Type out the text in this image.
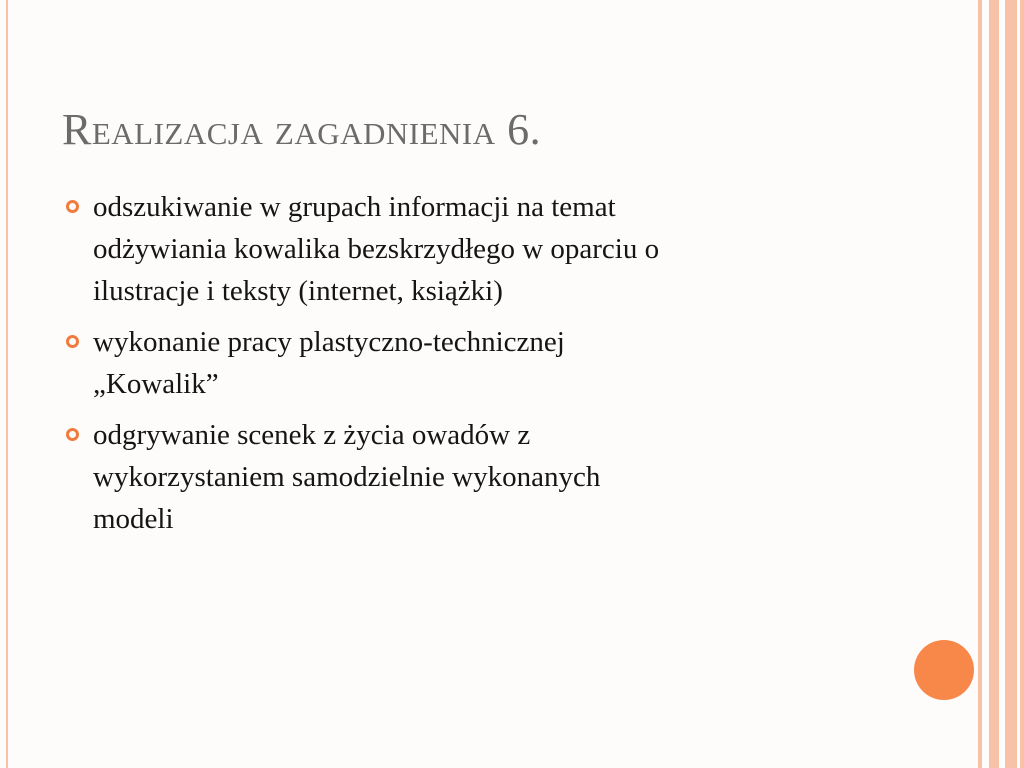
Realizacja zagadnienia 6.
odszukiwanie w grupach informacji na temat
odżywiania kowalika bezskrzydłego w oparciu o
ilustracje i teksty (internet, książki)
wykonanie pracy plastyczno-technicznej
„Kowalik”
odgrywanie scenek z życia owadów z
wykorzystaniem samodzielnie wykonanych
modeli
